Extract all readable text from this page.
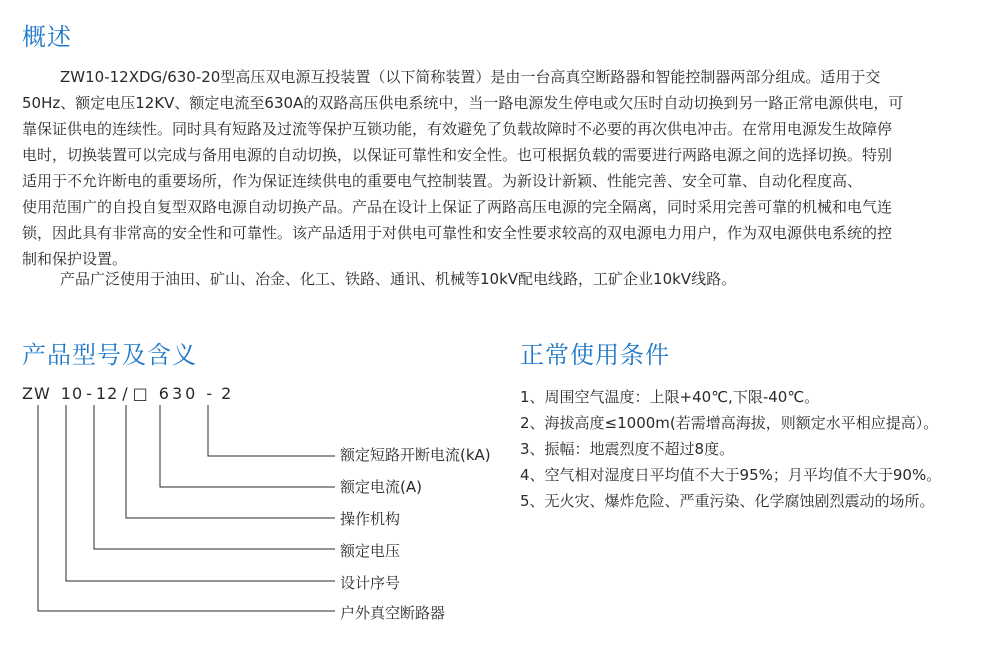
概述
ZW10-12XDG/630-20型高压双电源互投装置（以下简称装置）是由一台高真空断路器和智能控制器两部分组成。适用于交
50Hz、额定电压12KV、额定电流至630A的双路高压供电系统中，当一路电源发生停电或欠压时自动切换到另一路正常电源供电，可
靠保证供电的连续性。同时具有短路及过流等保护互锁功能，有效避免了负载故障时不必要的再次供电冲击。在常用电源发生故障停
电时，切换装置可以完成与备用电源的自动切换，以保证可靠性和安全性。也可根据负载的需要进行两路电源之间的选择切换。特别
适用于不允许断电的重要场所，作为保证连续供电的重要电气控制装置。为新设计新颖、性能完善、安全可靠、自动化程度高、
使用范围广的自投自复型双路电源自动切换产品。产品在设计上保证了两路高压电源的完全隔离，同时采用完善可靠的机械和电气连
锁，因此具有非常高的安全性和可靠性。该产品适用于对供电可靠性和安全性要求较高的双电源电力用户，作为双电源供电系统的控
制和保护设置。
产品广泛使用于油田、矿山、冶金、化工、铁路、通讯、机械等10kV配电线路，工矿企业10kV线路。
产品型号及含义
ZW 10 - 12 / □ 630 - 2
额定短路开断电流(kA)
额定电流(A)
操作机构
额定电压
设计序号
户外真空断路器
正常使用条件
1、周围空气温度：上限+40℃,下限-40℃。
2、海拔高度≤1000m(若需增高海拔，则额定水平相应提高）。
3、振幅：地震烈度不超过8度。
4、空气相对湿度日平均值不大于95%；月平均值不大于90%。
5、无火灾、爆炸危险、严重污染、化学腐蚀剧烈震动的场所。
